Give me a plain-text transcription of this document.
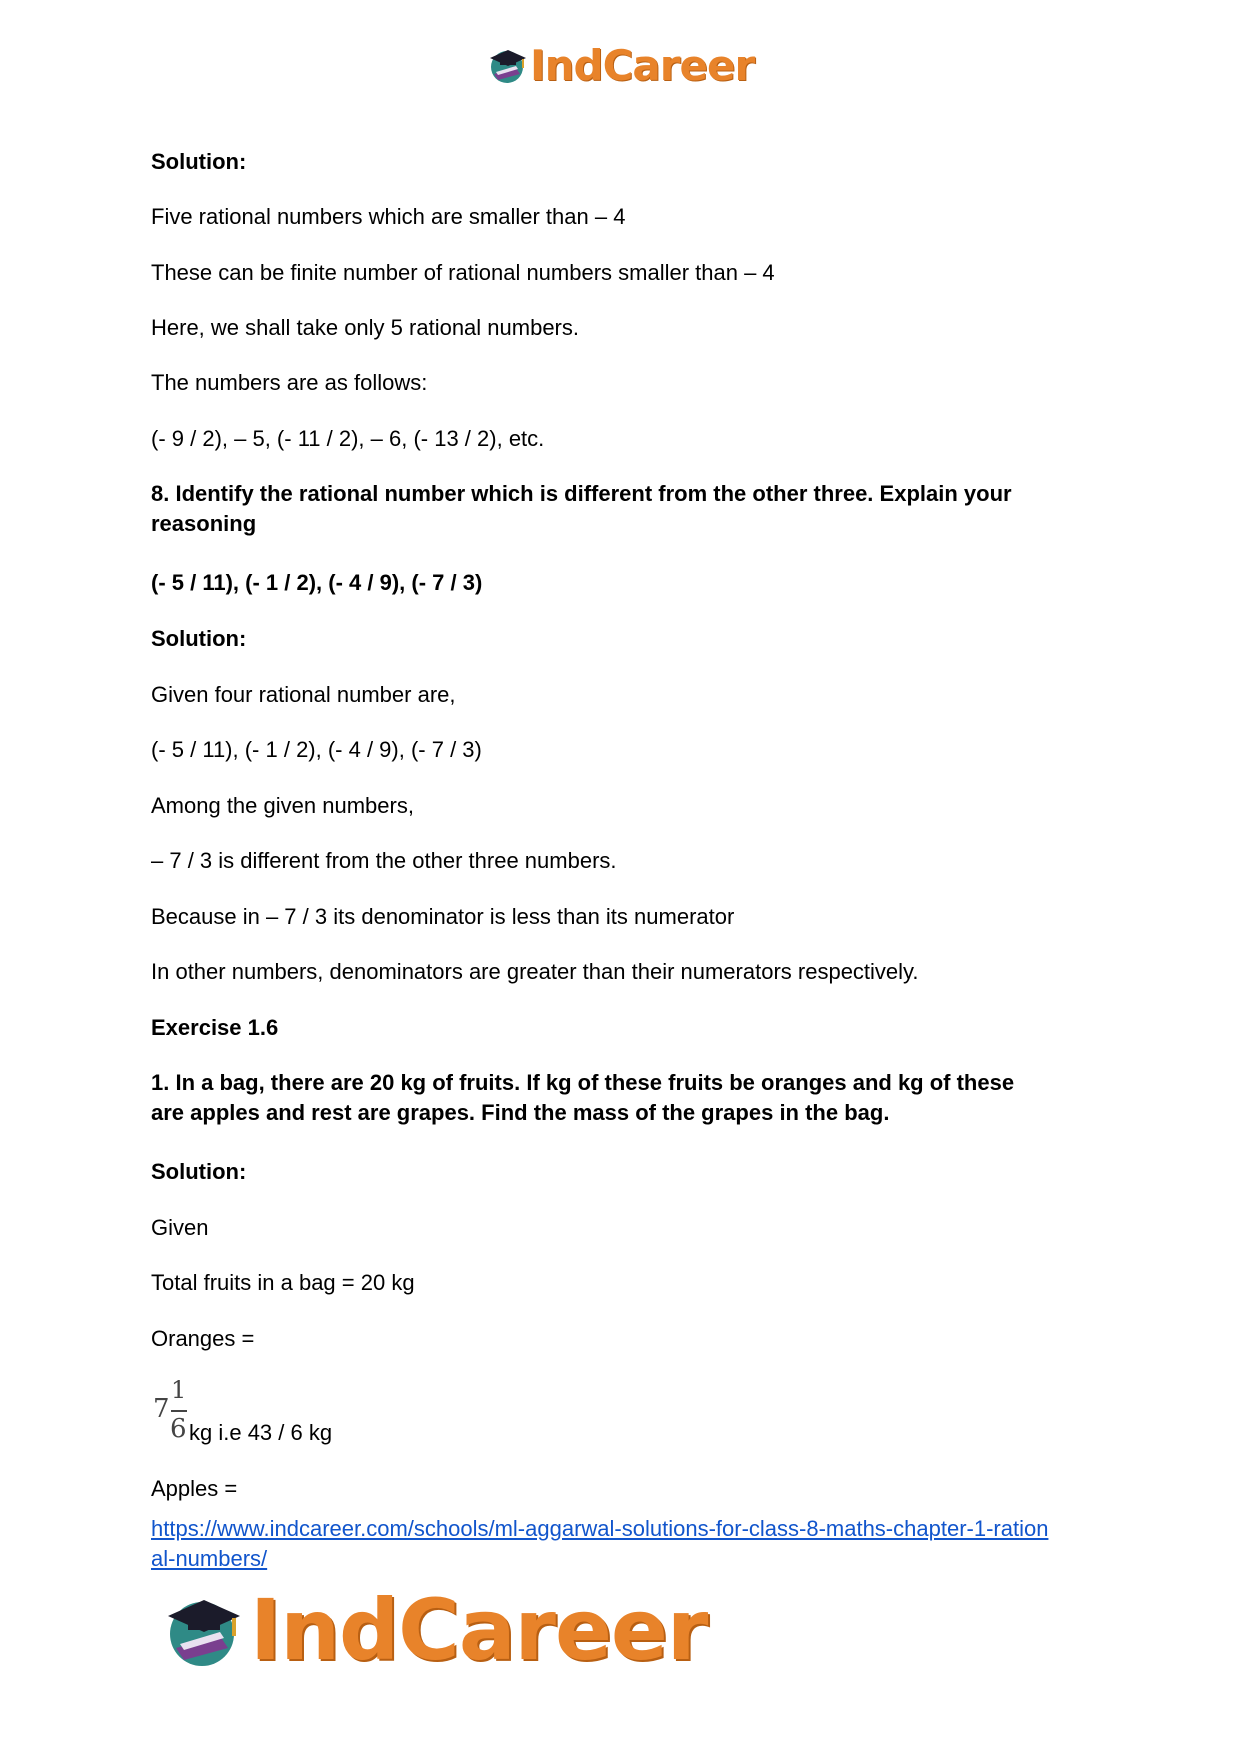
IndCareer
Solution:
Five rational numbers which are smaller than – 4
These can be finite number of rational numbers smaller than – 4
Here, we shall take only 5 rational numbers.
The numbers are as follows:
(- 9 / 2), – 5, (- 11 / 2), – 6, (- 13 / 2), etc.
8. Identify the rational number which is different from the other three. Explain your
reasoning
(- 5 / 11), (- 1 / 2), (- 4 / 9), (- 7 / 3)
Solution:
Given four rational number are,
(- 5 / 11), (- 1 / 2), (- 4 / 9), (- 7 / 3)
Among the given numbers,
– 7 / 3 is different from the other three numbers.
Because in – 7 / 3 its denominator is less than its numerator
In other numbers, denominators are greater than their numerators respectively.
Exercise 1.6
1. In a bag, there are 20 kg of fruits. If kg of these fruits be oranges and kg of these
are apples and rest are grapes. Find the mass of the grapes in the bag.
Solution:
Given
Total fruits in a bag = 20 kg
Oranges =
7
1
6 kg i.e 43 / 6 kg
Apples =
https://www.indcareer.com/schools/ml-aggarwal-solutions-for-class-8-maths-chapter-1-ration
al-numbers/
IndCareer
